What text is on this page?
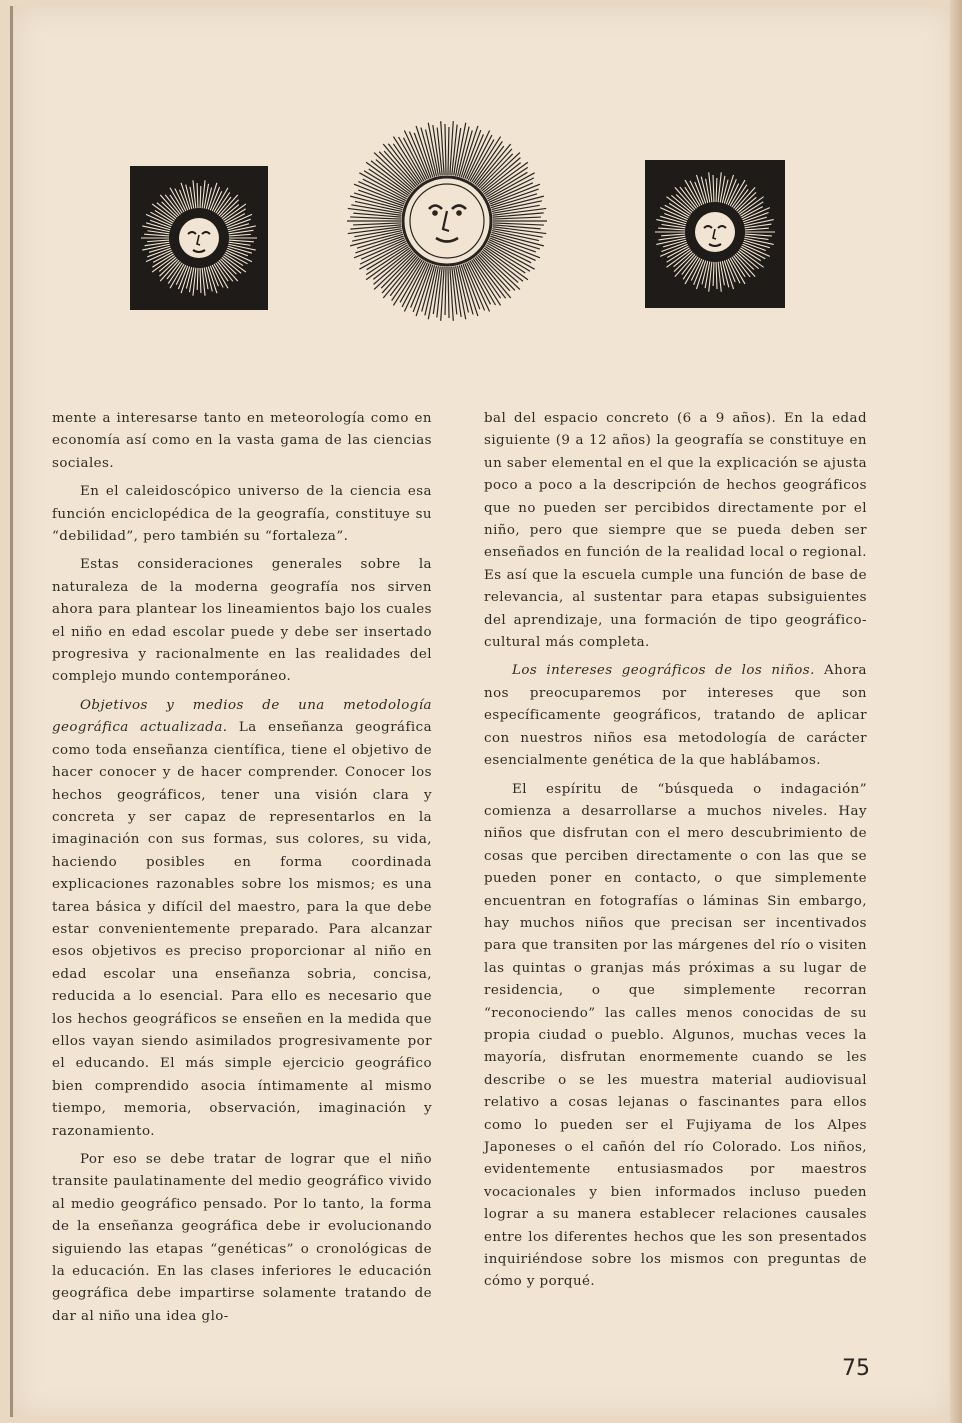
mente a interesarse tanto en meteorología como en economía así como en la vasta gama de las ciencias sociales.

En el caleidoscópico universo de la ciencia esa función enciclopédica de la geografía, constituye su “debilidad”, pero también su “fortaleza”.

Estas consideraciones generales sobre la naturaleza de la moderna geografía nos sirven ahora para plantear los lineamientos bajo los cuales el niño en edad escolar puede y debe ser insertado progresiva y racionalmente en las realidades del complejo mundo contemporáneo.

Objetivos y medios de una metodología geográfica actualizada. La enseñanza geográfica como toda enseñanza científica, tiene el objetivo de hacer conocer y de hacer comprender. Conocer los hechos geográficos, tener una visión clara y concreta y ser capaz de representarlos en la imaginación con sus formas, sus colores, su vida, haciendo posibles en forma coordinada explicaciones razonables sobre los mismos; es una tarea básica y difícil del maestro, para la que debe estar convenientemente preparado. Para alcanzar esos objetivos es preciso proporcionar al niño en edad escolar una enseñanza sobria, concisa, reducida a lo esencial. Para ello es necesario que los hechos geográficos se enseñen en la medida que ellos vayan siendo asimilados progresivamente por el educando. El más simple ejercicio geográfico bien comprendido asocia íntimamente al mismo tiempo, memoria, observación, imaginación y razonamiento.

Por eso se debe tratar de lograr que el niño transite paulatinamente del medio geográfico vivido al medio geográfico pensado. Por lo tanto, la forma de la enseñanza geográfica debe ir evolucionando siguiendo las etapas “genéticas” o cronológicas de la educación. En las clases inferiores le educación geográfica debe impartirse solamente tratando de dar al niño una idea glo-

bal del espacio concreto (6 a 9 años). En la edad siguiente (9 a 12 años) la geografía se constituye en un saber elemental en el que la explicación se ajusta poco a poco a la descripción de hechos geográficos que no pueden ser percibidos directamente por el niño, pero que siempre que se pueda deben ser enseñados en función de la realidad local o regional. Es así que la escuela cumple una función de base de relevancia, al sustentar para etapas subsiguientes del aprendizaje, una formación de tipo geográfico-cultural más completa.

Los intereses geográficos de los niños. Ahora nos preocuparemos por intereses que son específicamente geográficos, tratando de aplicar con nuestros niños esa metodología de carácter esencialmente genética de la que hablábamos.

El espíritu de “búsqueda o indagación” comienza a desarrollarse a muchos niveles. Hay niños que disfrutan con el mero descubrimiento de cosas que perciben directamente o con las que se pueden poner en contacto, o que simplemente encuentran en fotografías o láminas Sin embargo, hay muchos niños que precisan ser incentivados para que transiten por las márgenes del río o visiten las quintas o granjas más próximas a su lugar de residencia, o que simplemente recorran “reconociendo” las calles menos conocidas de su propia ciudad o pueblo. Algunos, muchas veces la mayoría, disfrutan enormemente cuando se les describe o se les muestra material audiovisual relativo a cosas lejanas o fascinantes para ellos como lo pueden ser el Fujiyama de los Alpes Japoneses o el cañón del río Colorado. Los niños, evidentemente entusiasmados por maestros vocacionales y bien informados incluso pueden lograr a su manera establecer relaciones causales entre los diferentes hechos que les son presentados inquiriéndose sobre los mismos con preguntas de cómo y porqué.

75
